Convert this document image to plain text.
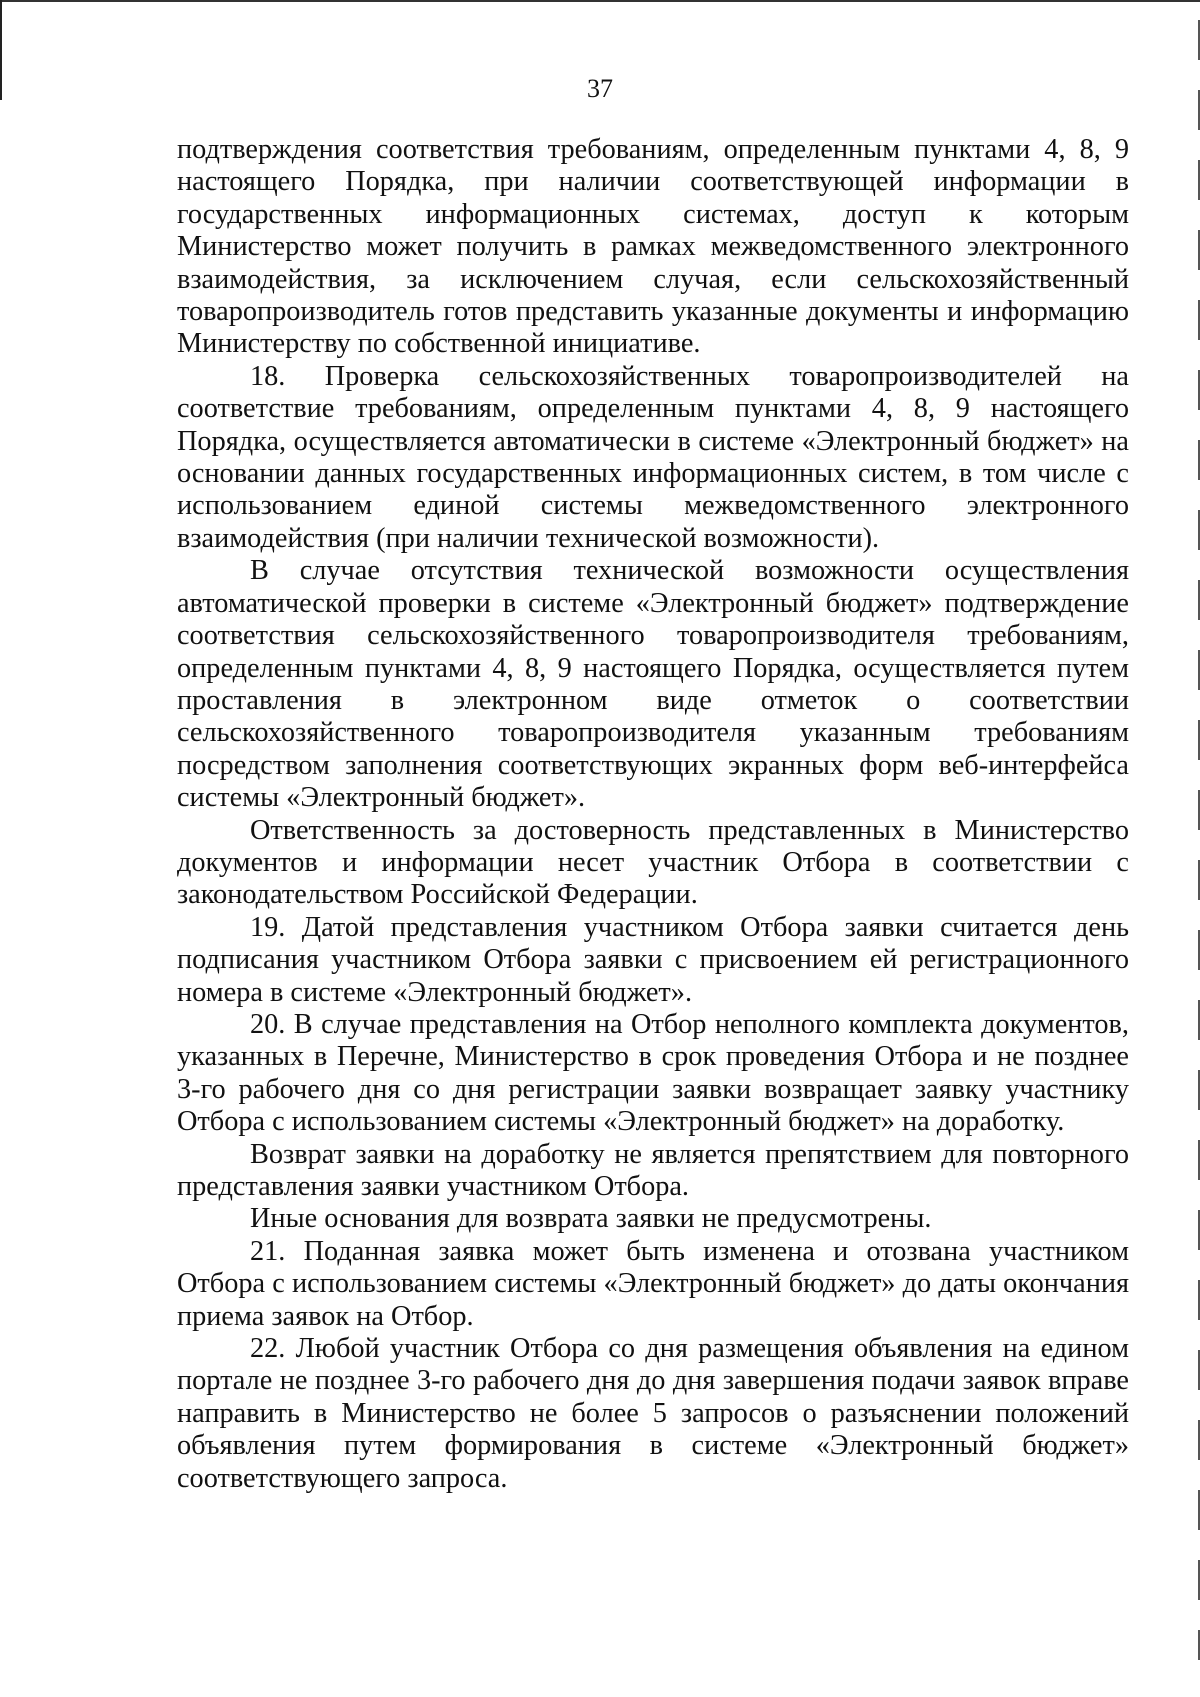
37

подтверждения соответствия требованиям, определенным пунктами 4, 8, 9 настоящего Порядка, при наличии соответствующей информации в государственных информационных системах, доступ к которым Министерство может получить в рамках межведомственного электронного взаимодействия, за исключением случая, если сельскохозяйственный товаропроизводитель готов представить указанные документы и информацию Министерству по собственной инициативе.

18. Проверка сельскохозяйственных товаропроизводителей на соответствие требованиям, определенным пунктами 4, 8, 9 настоящего Порядка, осуществляется автоматически в системе «Электронный бюджет» на основании данных государственных информационных систем, в том числе с использованием единой системы межведомственного электронного взаимодействия (при наличии технической возможности).

В случае отсутствия технической возможности осуществления автоматической проверки в системе «Электронный бюджет» подтверждение соответствия сельскохозяйственного товаропроизводителя требованиям, определенным пунктами 4, 8, 9 настоящего Порядка, осуществляется путем проставления в электронном виде отметок о соответствии сельскохозяйственного товаропроизводителя указанным требованиям посредством заполнения соответствующих экранных форм веб-интерфейса системы «Электронный бюджет».

Ответственность за достоверность представленных в Министерство документов и информации несет участник Отбора в соответствии с законодательством Российской Федерации.

19. Датой представления участником Отбора заявки считается день подписания участником Отбора заявки с присвоением ей регистрационного номера в системе «Электронный бюджет».

20. В случае представления на Отбор неполного комплекта документов, указанных в Перечне, Министерство в срок проведения Отбора и не позднее 3-го рабочего дня со дня регистрации заявки возвращает заявку участнику Отбора с использованием системы «Электронный бюджет» на доработку.

Возврат заявки на доработку не является препятствием для повторного представления заявки участником Отбора.

Иные основания для возврата заявки не предусмотрены.

21. Поданная заявка может быть изменена и отозвана участником Отбора с использованием системы «Электронный бюджет» до даты окончания приема заявок на Отбор.

22. Любой участник Отбора со дня размещения объявления на едином портале не позднее 3-го рабочего дня до дня завершения подачи заявок вправе направить в Министерство не более 5 запросов о разъяснении положений объявления путем формирования в системе «Электронный бюджет» соответствующего запроса.
